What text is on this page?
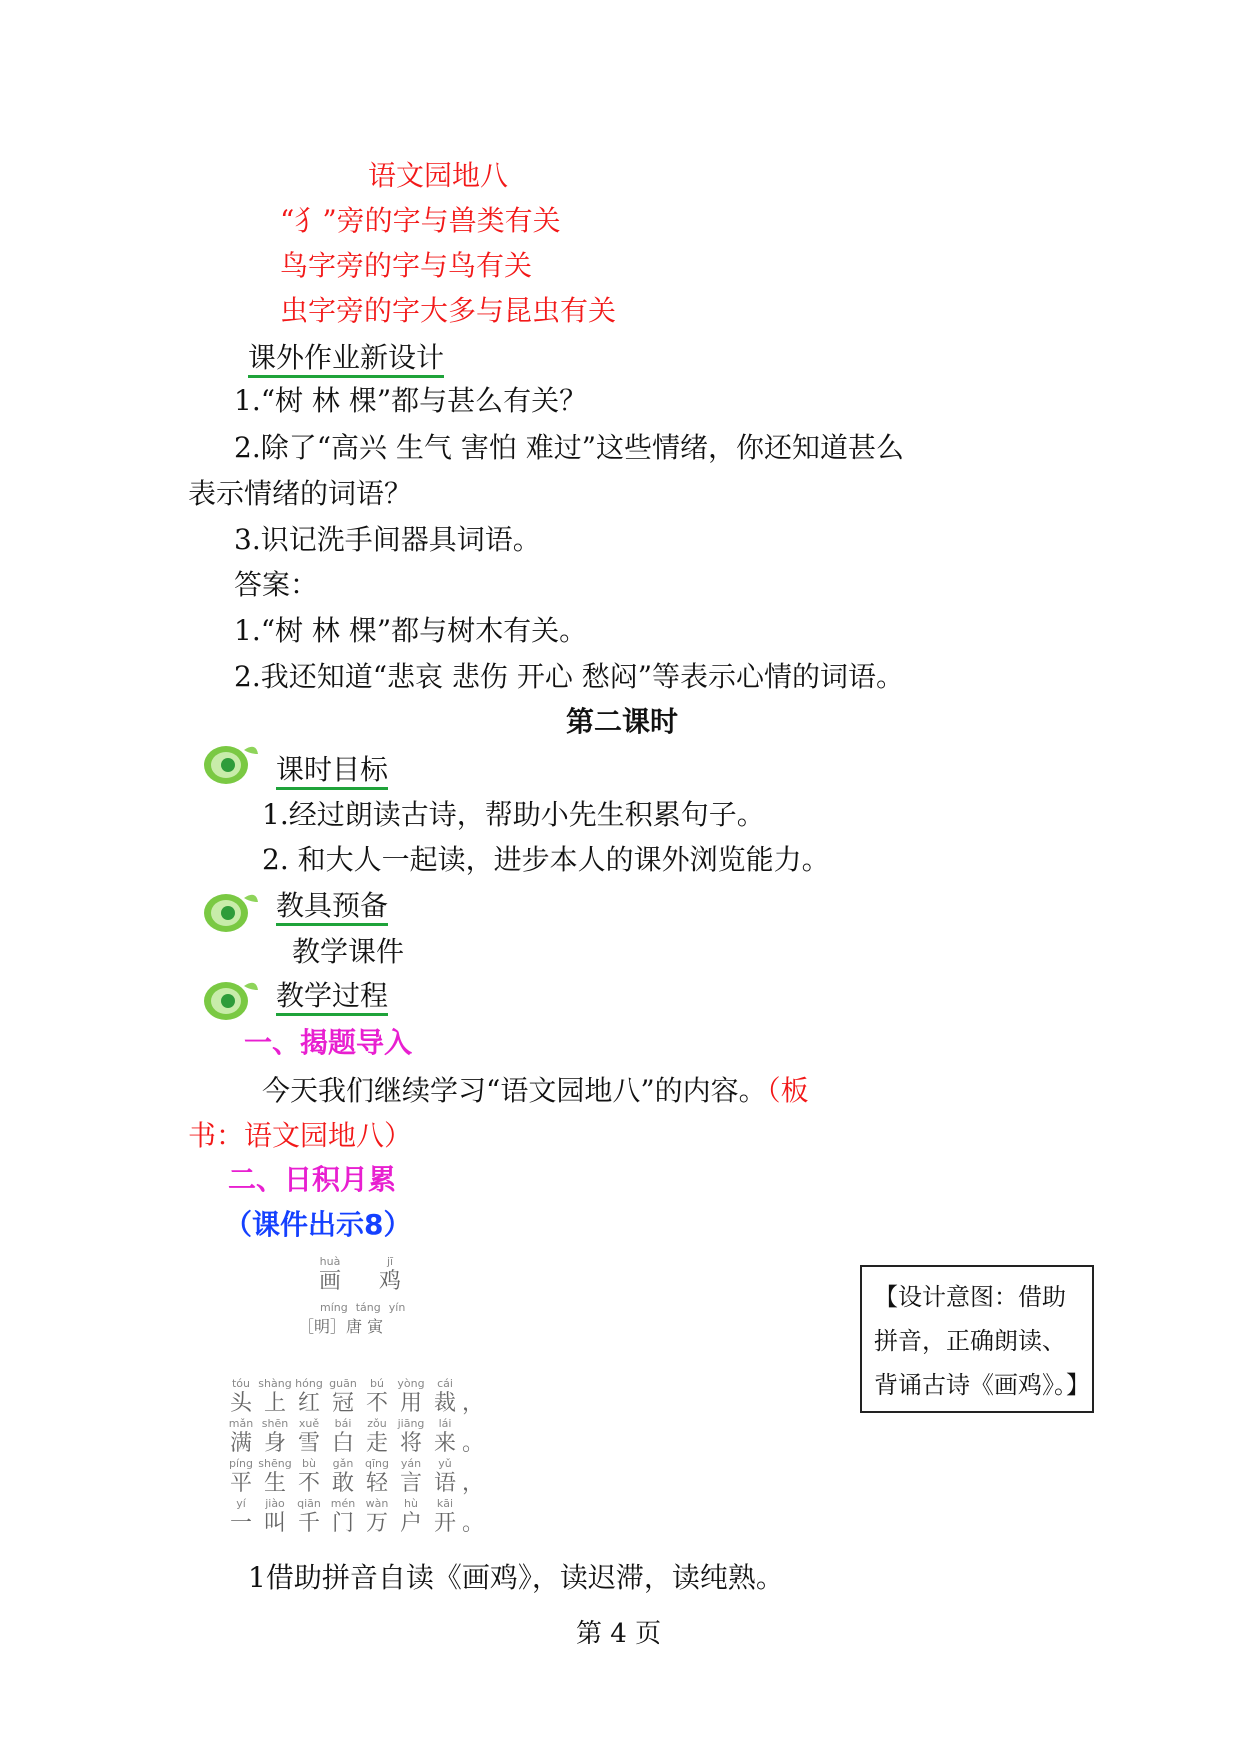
语文园地八
“犭”旁的字与兽类有关
鸟字旁的字与鸟有关
虫字旁的字大多与昆虫有关
课外作业新设计
1.“树 林 棵”都与甚么有关？
2.除了“高兴 生气 害怕 难过”这些情绪，你还知道甚么
表示情绪的词语？
3.识记洗手间器具词语。
答案：
1.“树 林 棵”都与树木有关。
2.我还知道“悲哀 悲伤 开心 愁闷”等表示心情的词语。
第二课时
课时目标
1.经过朗读古诗，帮助小先生积累句子。
2. 和大人一起读，进步本人的课外浏览能力。
教具预备
教学课件
教学过程
一、揭题导入
今天我们继续学习“语文园地八”的内容。（板
书：语文园地八）
二、日积月累
（课件出示8）
huà
画
jī
鸡
míng táng yín
［明］唐 寅
tóu
头
shàng
上
hóng
红
guān
冠
bú
不
yòng
用
cái
裁 ，
mǎn
满
shēn
身
xuě
雪
bái
白
zǒu
走
jiāng
将
lái
来 。
píng
平
shēng
生
bù
不
gǎn
敢
qīng
轻
yán
言
yǔ
语 ，
yí
一
jiào
叫
qiān
千
mén
门
wàn
万
hù
户
kāi
开 。
【设计意图：借助拼音，正确朗读、背诵古诗《画鸡》。】
1借助拼音自读《画鸡》，读迟滞，读纯熟。
第 4 页
